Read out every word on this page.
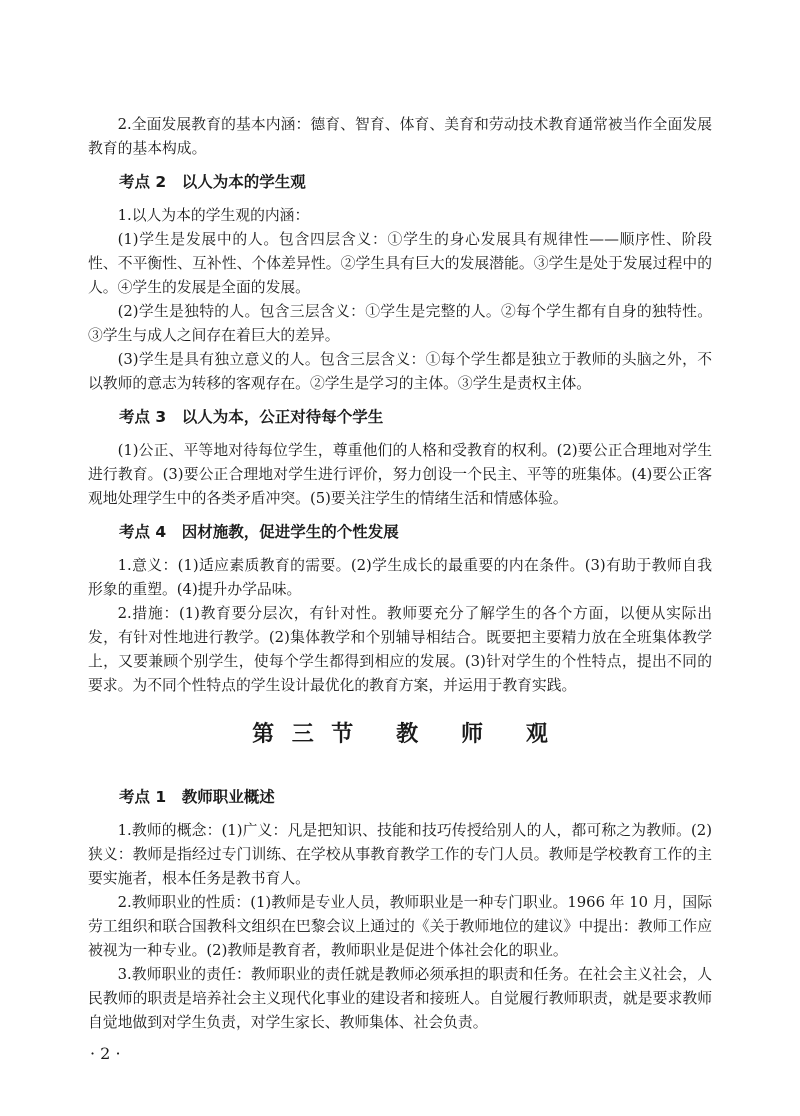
2.全面发展教育的基本内涵：德育、智育、体育、美育和劳动技术教育通常被当作全面发展教育的基本构成。

考点 2 以人为本的学生观

1.以人为本的学生观的内涵：

(1)学生是发展中的人。包含四层含义：①学生的身心发展具有规律性——顺序性、阶段性、不平衡性、互补性、个体差异性。②学生具有巨大的发展潜能。③学生是处于发展过程中的人。④学生的发展是全面的发展。

(2)学生是独特的人。包含三层含义：①学生是完整的人。②每个学生都有自身的独特性。③学生与成人之间存在着巨大的差异。

(3)学生是具有独立意义的人。包含三层含义：①每个学生都是独立于教师的头脑之外，不以教师的意志为转移的客观存在。②学生是学习的主体。③学生是责权主体。

考点 3 以人为本，公正对待每个学生

(1)公正、平等地对待每位学生，尊重他们的人格和受教育的权利。(2)要公正合理地对学生进行教育。(3)要公正合理地对学生进行评价，努力创设一个民主、平等的班集体。(4)要公正客观地处理学生中的各类矛盾冲突。(5)要关注学生的情绪生活和情感体验。

考点 4 因材施教，促进学生的个性发展

1.意义：(1)适应素质教育的需要。(2)学生成长的最重要的内在条件。(3)有助于教师自我形象的重塑。(4)提升办学品味。

2.措施：(1)教育要分层次，有针对性。教师要充分了解学生的各个方面，以便从实际出发，有针对性地进行教学。(2)集体教学和个别辅导相结合。既要把主要精力放在全班集体教学上，又要兼顾个别学生，使每个学生都得到相应的发展。(3)针对学生的个性特点，提出不同的要求。为不同个性特点的学生设计最优化的教育方案，并运用于教育实践。

第三节 教 师 观
考点 1 教师职业概述

1.教师的概念：(1)广义：凡是把知识、技能和技巧传授给别人的人，都可称之为教师。(2)狭义：教师是指经过专门训练、在学校从事教育教学工作的专门人员。教师是学校教育工作的主要实施者，根本任务是教书育人。

2.教师职业的性质：(1)教师是专业人员，教师职业是一种专门职业。1966 年 10 月，国际劳工组织和联合国教科文组织在巴黎会议上通过的《关于教师地位的建议》中提出：教师工作应被视为一种专业。(2)教师是教育者，教师职业是促进个体社会化的职业。

3.教师职业的责任：教师职业的责任就是教师必须承担的职责和任务。在社会主义社会，人民教师的职责是培养社会主义现代化事业的建设者和接班人。自觉履行教师职责，就是要求教师自觉地做到对学生负责，对学生家长、教师集体、社会负责。

· 2 ·
